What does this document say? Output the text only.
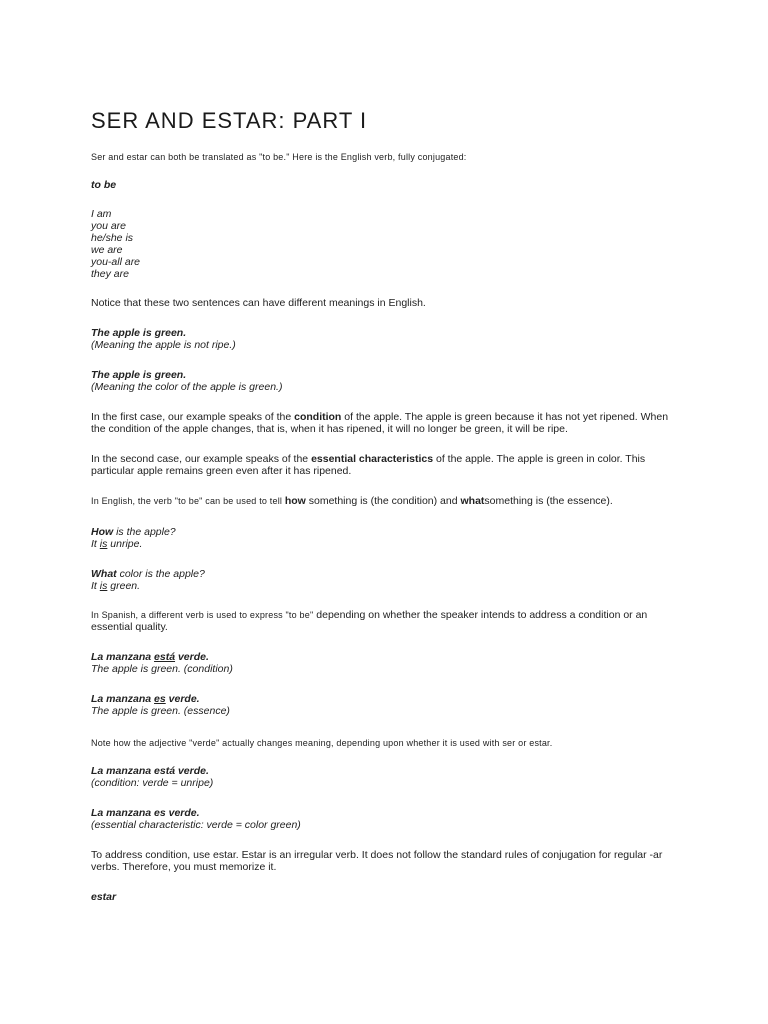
SER AND ESTAR: PART I

Ser and estar can both be translated as "to be." Here is the English verb, fully conjugated:

to be

I am
you are
he/she is
we are
you-all are
they are

Notice that these two sentences can have different meanings in English.

The apple is green.
(Meaning the apple is not ripe.)
The apple is green.
(Meaning the color of the apple is green.)

In the first case, our example speaks of the condition of the apple. The apple is green because it has not yet ripened. When the condition of the apple changes, that is, when it has ripened, it will no longer be green, it will be ripe.

In the second case, our example speaks of the essential characteristics of the apple. The apple is green in color. This particular apple remains green even after it has ripened.

In English, the verb "to be" can be used to tell how something is (the condition) and whatsomething is (the essence).

How is the apple?
It is unripe.
What color is the apple?
It is green.

In Spanish, a different verb is used to express "to be" depending on whether the speaker intends to address a condition or an essential quality.

La manzana está verde.
The apple is green. (condition)
La manzana es verde.
The apple is green. (essence)

Note how the adjective "verde" actually changes meaning, depending upon whether it is used with ser or estar.

La manzana está verde.
(condition: verde = unripe)
La manzana es verde.
(essential characteristic: verde = color green)

To address condition, use estar. Estar is an irregular verb. It does not follow the standard rules of conjugation for regular -ar verbs. Therefore, you must memorize it.

estar
